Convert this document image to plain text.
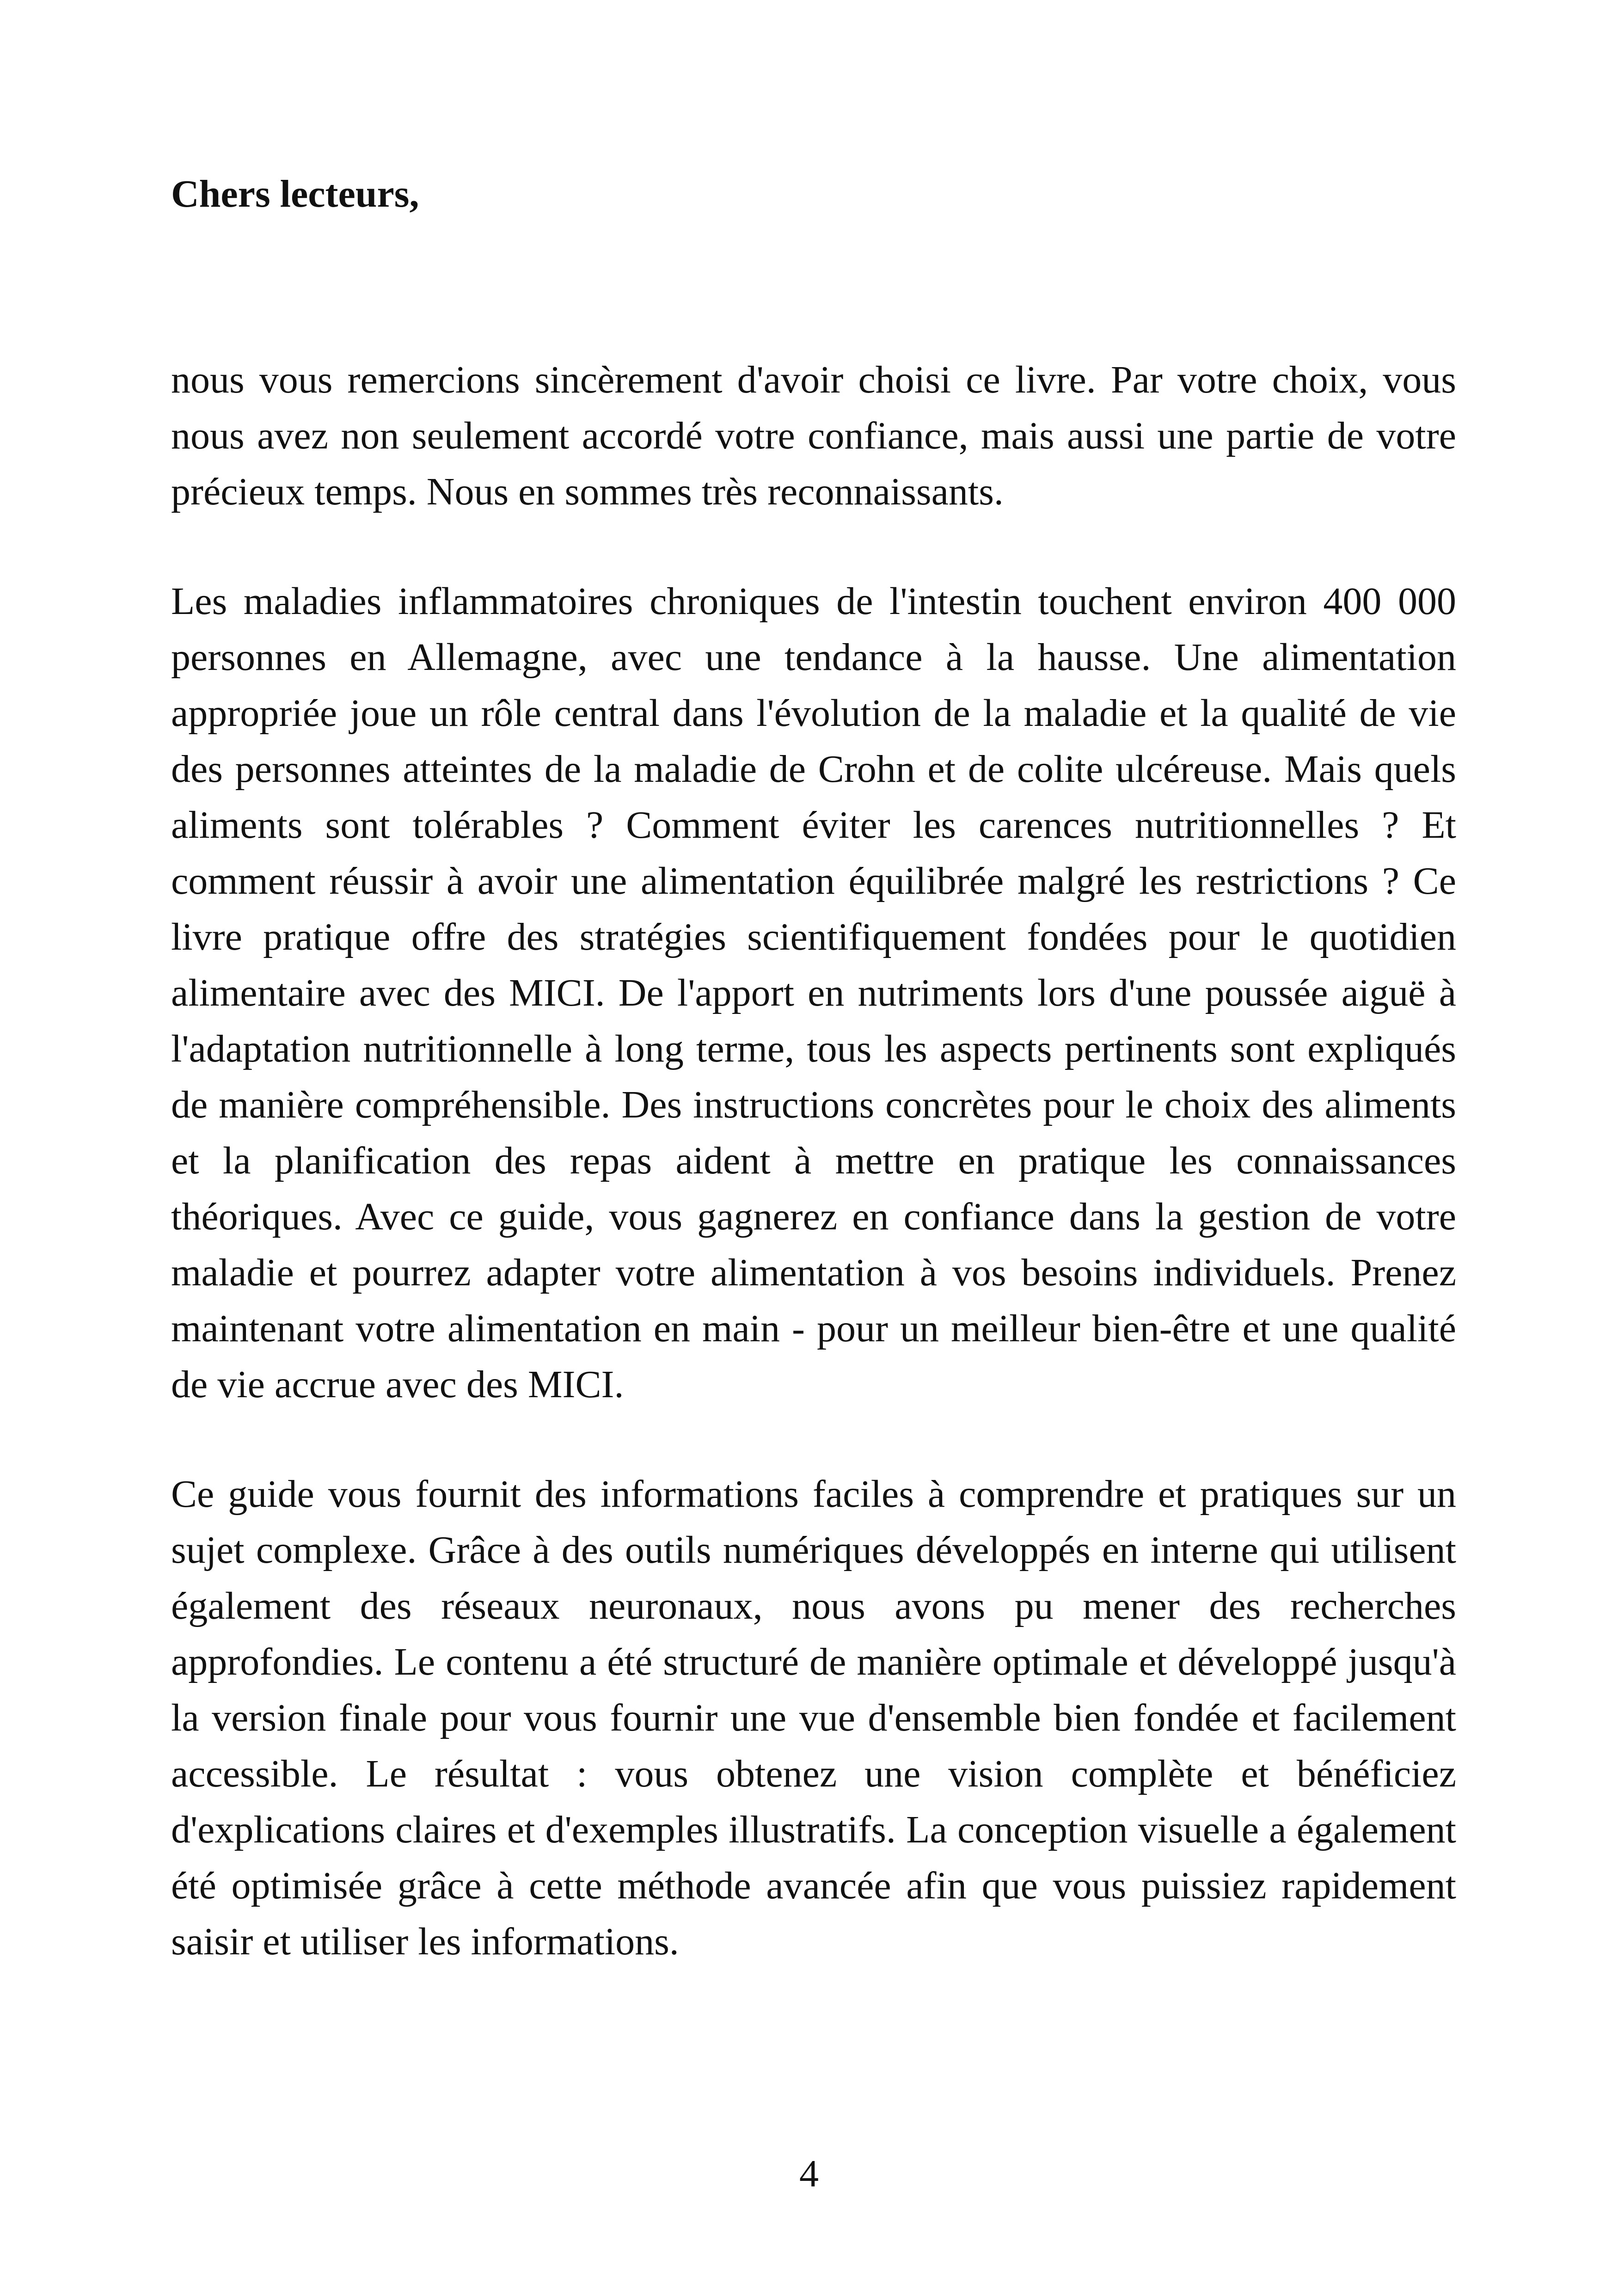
Chers lecteurs,

nous vous remercions sincèrement d'avoir choisi ce livre. Par votre choix, vous nous avez non seulement accordé votre confiance, mais aussi une partie de votre précieux temps. Nous en sommes très reconnaissants.

Les maladies inflammatoires chroniques de l'intestin touchent environ 400 000 personnes en Allemagne, avec une tendance à la hausse. Une alimentation appropriée joue un rôle central dans l'évolution de la maladie et la qualité de vie des personnes atteintes de la maladie de Crohn et de colite ulcéreuse. Mais quels aliments sont tolérables ? Comment éviter les carences nutritionnelles ? Et comment réussir à avoir une alimentation équilibrée malgré les restrictions ? Ce livre pratique offre des stratégies scientifiquement fondées pour le quotidien alimentaire avec des MICI. De l'apport en nutriments lors d'une poussée aiguë à l'adaptation nutritionnelle à long terme, tous les aspects pertinents sont expliqués de manière compréhensible. Des instructions concrètes pour le choix des aliments et la planification des repas aident à mettre en pratique les connaissances théoriques. Avec ce guide, vous gagnerez en confiance dans la gestion de votre maladie et pourrez adapter votre alimentation à vos besoins individuels. Prenez maintenant votre alimentation en main - pour un meilleur bien-être et une qualité de vie accrue avec des MICI.

Ce guide vous fournit des informations faciles à comprendre et pratiques sur un sujet complexe. Grâce à des outils numériques développés en interne qui utilisent également des réseaux neuronaux, nous avons pu mener des recherches approfondies. Le contenu a été structuré de manière optimale et développé jusqu'à la version finale pour vous fournir une vue d'ensemble bien fondée et facilement accessible. Le résultat : vous obtenez une vision complète et bénéficiez d'explications claires et d'exemples illustratifs. La conception visuelle a également été optimisée grâce à cette méthode avancée afin que vous puissiez rapidement saisir et utiliser les informations.

4
